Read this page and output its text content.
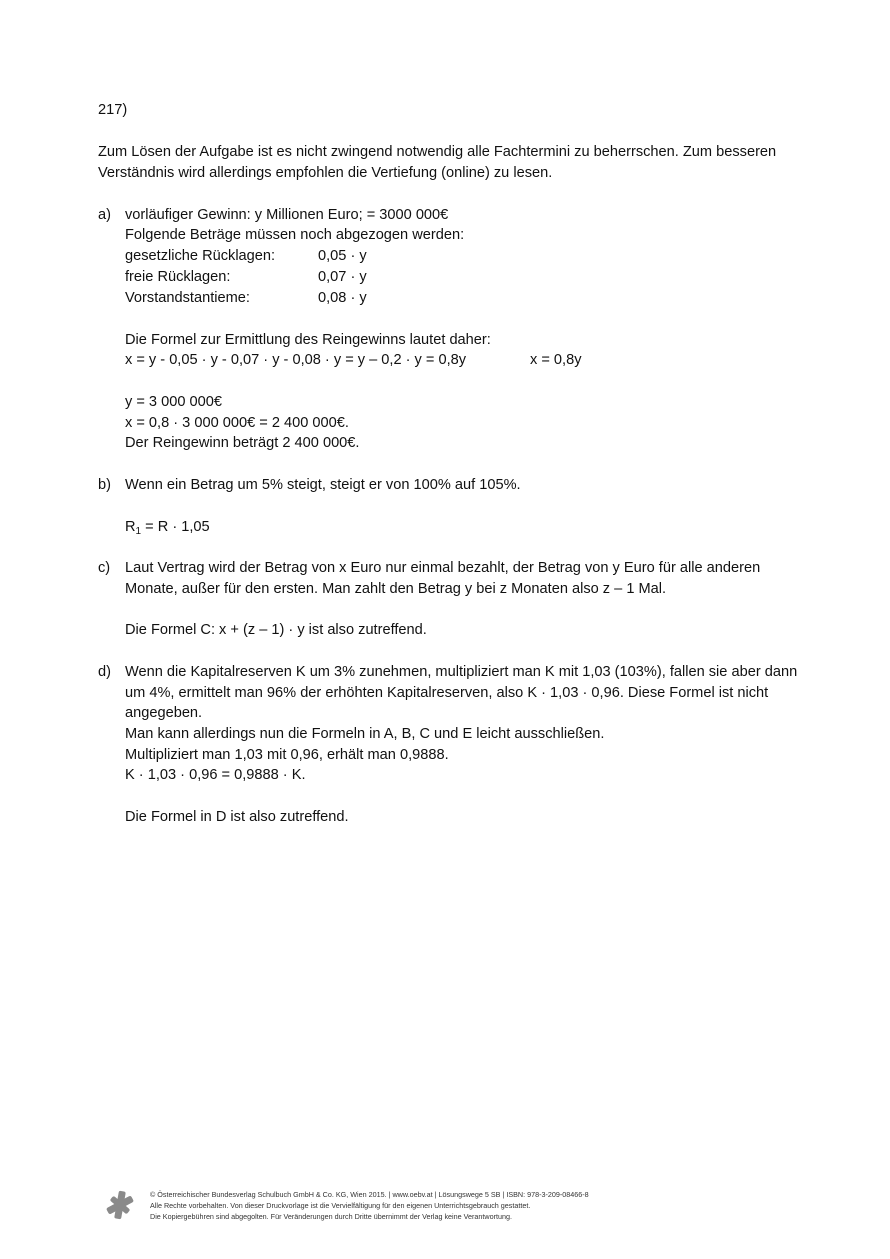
217)
Zum Lösen der Aufgabe ist es nicht zwingend notwendig alle Fachtermini zu beherrschen. Zum besseren
Verständnis wird allerdings empfohlen die Vertiefung (online) zu lesen.
a) vorläufiger Gewinn: y Millionen Euro; = 3000 000€
Folgende Beträge müssen noch abgezogen werden:
gesetzliche Rücklagen:	0,05 · y
freie Rücklagen:	0,07 · y
Vorstandstantieme:	0,08 · y
Die Formel zur Ermittlung des Reingewinns lautet daher:
x = y - 0,05 · y - 0,07 · y - 0,08 · y = y – 0,2 · y = 0,8y	x = 0,8y
y = 3 000 000€
x = 0,8 · 3 000 000€ = 2 400 000€.
Der Reingewinn beträgt 2 400 000€.
b) Wenn ein Betrag um 5% steigt, steigt er von 100% auf 105%.
$R_1 = R \cdot 1,05$
c) Laut Vertrag wird der Betrag von x Euro nur einmal bezahlt, der Betrag von y Euro für alle anderen
Monate, außer für den ersten. Man zahlt den Betrag y bei z Monaten also z – 1 Mal.
Die Formel C: x + (z – 1) · y ist also zutreffend.
d) Wenn die Kapitalreserven K um 3% zunehmen, multipliziert man K mit 1,03 (103%), fallen sie aber dann
um 4%, ermittelt man 96% der erhöhten Kapitalreserven, also K · 1,03 · 0,96. Diese Formel ist nicht
angegeben.
Man kann allerdings nun die Formeln in A, B, C und E leicht ausschließen.
Multipliziert man 1,03 mit 0,96, erhält man 0,9888.
K · 1,03 · 0,96 = 0,9888 · K.
Die Formel in D ist also zutreffend.
© Österreichischer Bundesverlag Schulbuch GmbH & Co. KG, Wien 2015. | www.oebv.at | Lösungswege 5 SB | ISBN: 978-3-209-08466-8
Alle Rechte vorbehalten. Von dieser Druckvorlage ist die Vervielfältigung für den eigenen Unterrichtsgebrauch gestattet.
Die Kopiergebühren sind abgegolten. Für Veränderungen durch Dritte übernimmt der Verlag keine Verantwortung.
